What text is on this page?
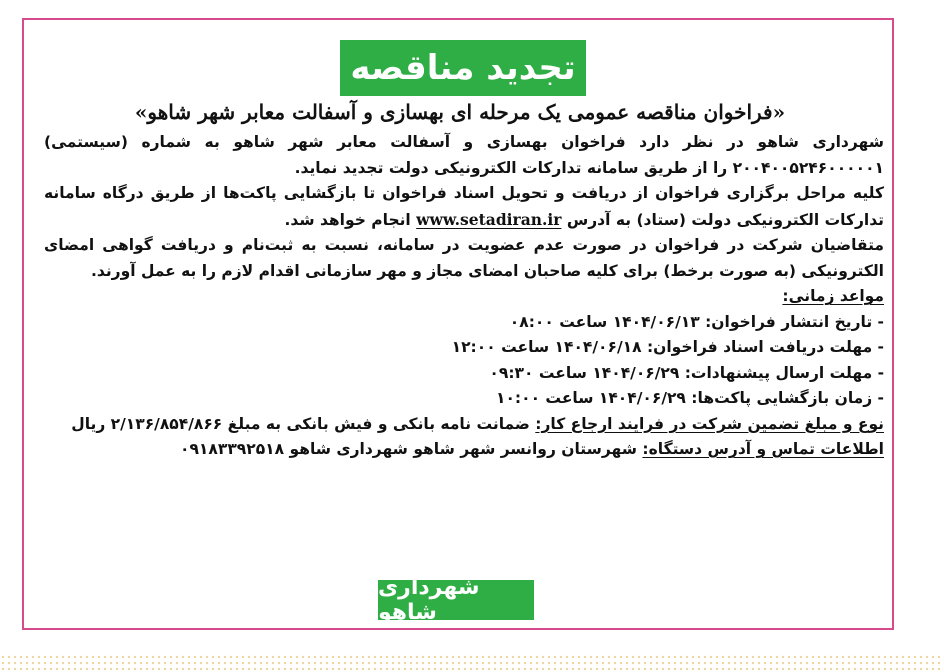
تجدید مناقصه
«فراخوان مناقصه عمومی یک مرحله ای بهسازی و آسفالت معابر شهر شاهو»

شهرداری شاهو در نظر دارد فراخوان بهسازی و آسفالت معابر شهر شاهو به شماره (سیستمی) ۲۰۰۴۰۰۵۲۴۶۰۰۰۰۰۱ را از طریق سامانه تدارکات الکترونیکی دولت تجدید نماید.

کلیه مراحل برگزاری فراخوان از دریافت و تحویل اسناد فراخوان تا بازگشایی پاکت‌ها از طریق درگاه سامانه تدارکات الکترونیکی دولت (ستاد) به آدرس www.setadiran.ir انجام خواهد شد.

متقاضیان شرکت در فراخوان در صورت عدم عضویت در سامانه، نسبت به ثبت‌نام و دریافت گواهی امضای الکترونیکی (به صورت برخط) برای کلیه صاحبان امضای مجاز و مهر سازمانی اقدام لازم را به عمل آورند.

مواعد زمانی:

- تاریخ انتشار فراخوان: ۱۴۰۴/۰۶/۱۳ ساعت ۰۸:۰۰

- مهلت دریافت اسناد فراخوان: ۱۴۰۴/۰۶/۱۸ ساعت ۱۲:۰۰

- مهلت ارسال پیشنهادات: ۱۴۰۴/۰۶/۲۹ ساعت ۰۹:۳۰

- زمان بازگشایی پاکت‌ها: ۱۴۰۴/۰۶/۲۹ ساعت ۱۰:۰۰

نوع و مبلغ تضمین شرکت در فرایند ارجاع کار: ضمانت نامه بانکی و فیش بانکی به مبلغ ۲/۱۳۶/۸۵۴/۸۶۶ ریال

اطلاعات تماس و آدرس دستگاه: شهرستان روانسر شهر شاهو شهرداری شاهو ۰۹۱۸۳۳۹۲۵۱۸

شهرداری شاهو
